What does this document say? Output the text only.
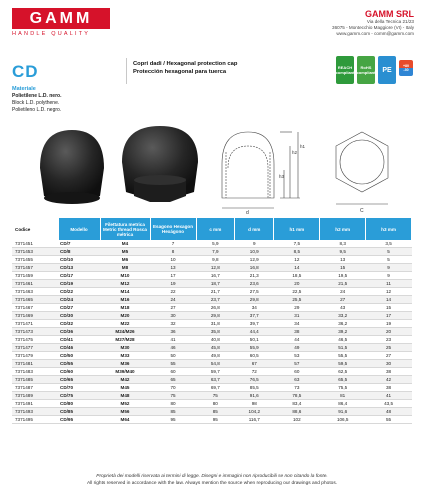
GAMM
HANDLE QUALITY
GAMM SRL
Via della Tecnica 21/23
36075 - Montecchio Maggiore (VI) - Italy
www.gamm.com - comm@gamm.com
CD	Copri dadi / Hexagonal protection cap
Protección hexagonal para tuerca
REACH
compliant
RoHS
compliant PE
+80
-30
Materiale
Polietilene L.D. nero.
Block L.D. polythene.
Polietileno L.D. negro.
d
h3
h2
h1
C
Codice	Modello	Filettatura metrica Metric thread Rosca métrica	Esagono Hexagon Hexágono	c mm	d mm	h1 mm	h2 mm	h3 mm
7371451	CD/7	M4	7	5,9	9	7,5	8,3	3,5
7371453	CD/8	M5	8	7,9	10,9	8,5	9,5	5
7371455	CD/10	M6	10	9,8	12,9	12	13	5
7371457	CD/13	M8	13	12,8	16,8	14	15	9
7371459	CD/17	M10	17	16,7	21,3	18,5	19,5	9
7371461	CD/19	M12	19	18,7	23,6	20	21,5	11
7371463	CD/22	M14	22	21,7	27,5	22,5	24	12
7371465	CD/24	M16	24	23,7	29,8	25,5	27	14
7371467	CD/27	M18	27	26,8	34	29	43	15
7371469	CD/30	M20	30	29,8	37,7	31	33,2	17
7371471	CD/32	M22	32	31,8	39,7	34	36,2	19
7371473	CD/36	M24/M26	36	35,8	44,4	38	39,2	20
7371475	CD/41	M27/M28	41	40,8	50,1	44	46,5	23
7371477	CD/46	M30	46	45,8	55,9	49	51,5	25
7371479	CD/50	M33	50	49,8	60,5	53	55,5	27
7371481	CD/55	M36	55	54,8	67	57	59,5	30
7371483	CD/60	M39/M40	60	59,7	72	60	62,5	38
7371485	CD/65	M42	65	63,7	76,5	63	65,5	42
7371487	CD/70	M45	70	69,7	85,5	73	75,5	38
7371489	CD/75	M48	75	75	91,6	78,5	81	41
7371491	CD/80	M52	80	80	98	83,4	86,4	43,5
7371493	CD/85	M56	85	85	104,2	88,6	91,6	48
7371495	CD/95	M64	95	95	116,7	102	106,5	55
Proprietà dei modelli riservata ai termini di legge. Disegni e immagini non riproducibili se non citando la fonte.
All rights reserved in accordance with the law. Always mention the source when reproducing our drawings and photos.
